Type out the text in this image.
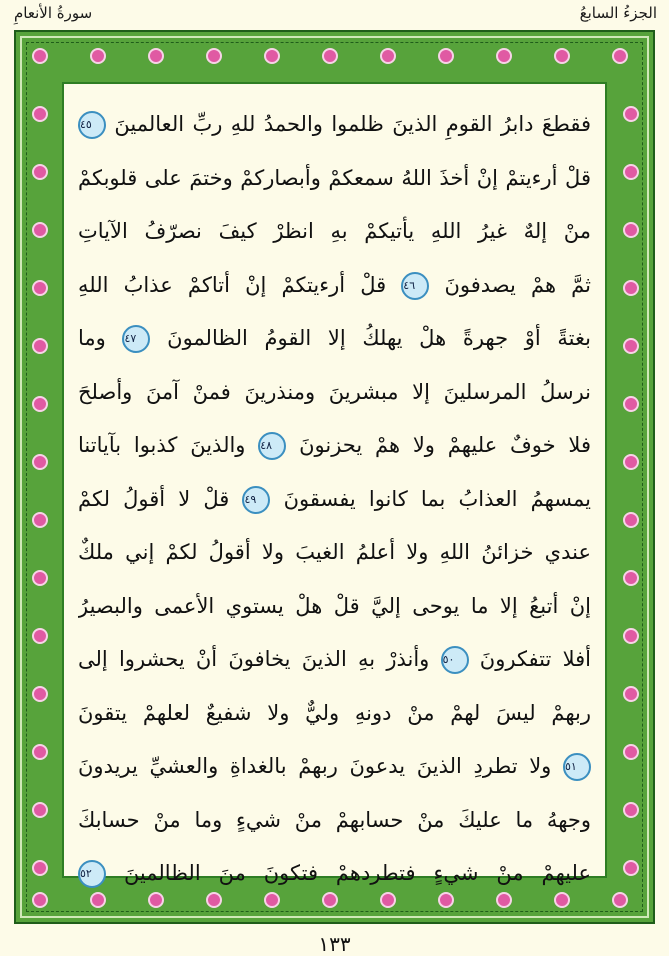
الجزءُ السابعُ
سورةُ الأنعامِ
فقطعَ دابرُ القومِ الذينَ ظلموا والحمدُ للهِ ربِّ العالمينَ ٤٥
قلْ أرءيتمْ إنْ أخذَ اللهُ سمعكمْ وأبصاركمْ وختمَ على قلوبكمْ
منْ إلهٌ غيرُ اللهِ يأتيكمْ بهِ انظرْ كيفَ نصرّفُ الآياتِ
ثمَّ همْ يصدفونَ ٤٦ قلْ أرءيتكمْ إنْ أتاكمْ عذابُ اللهِ
بغتةً أوْ جهرةً هلْ يهلكُ إلا القومُ الظالمونَ ٤٧ وما
نرسلُ المرسلينَ إلا مبشرينَ ومنذرينَ فمنْ آمنَ وأصلحَ
فلا خوفٌ عليهمْ ولا همْ يحزنونَ ٤٨ والذينَ كذبوا بآياتنا
يمسهمُ العذابُ بما كانوا يفسقونَ ٤٩ قلْ لا أقولُ لكمْ
عندي خزائنُ اللهِ ولا أعلمُ الغيبَ ولا أقولُ لكمْ إني ملكٌ
إنْ أتبعُ إلا ما يوحى إليَّ قلْ هلْ يستوي الأعمى والبصيرُ
أفلا تتفكرونَ ٥٠ وأنذرْ بهِ الذينَ يخافونَ أنْ يحشروا إلى
ربهمْ ليسَ لهمْ منْ دونهِ وليٌّ ولا شفيعٌ لعلهمْ يتقونَ
٥١ ولا تطردِ الذينَ يدعونَ ربهمْ بالغداةِ والعشيِّ يريدونَ
وجههُ ما عليكَ منْ حسابهمْ منْ شيءٍ وما منْ حسابكَ
عليهمْ منْ شيءٍ فتطردهمْ فتكونَ منَ الظالمينَ ٥٢
١٣٣
